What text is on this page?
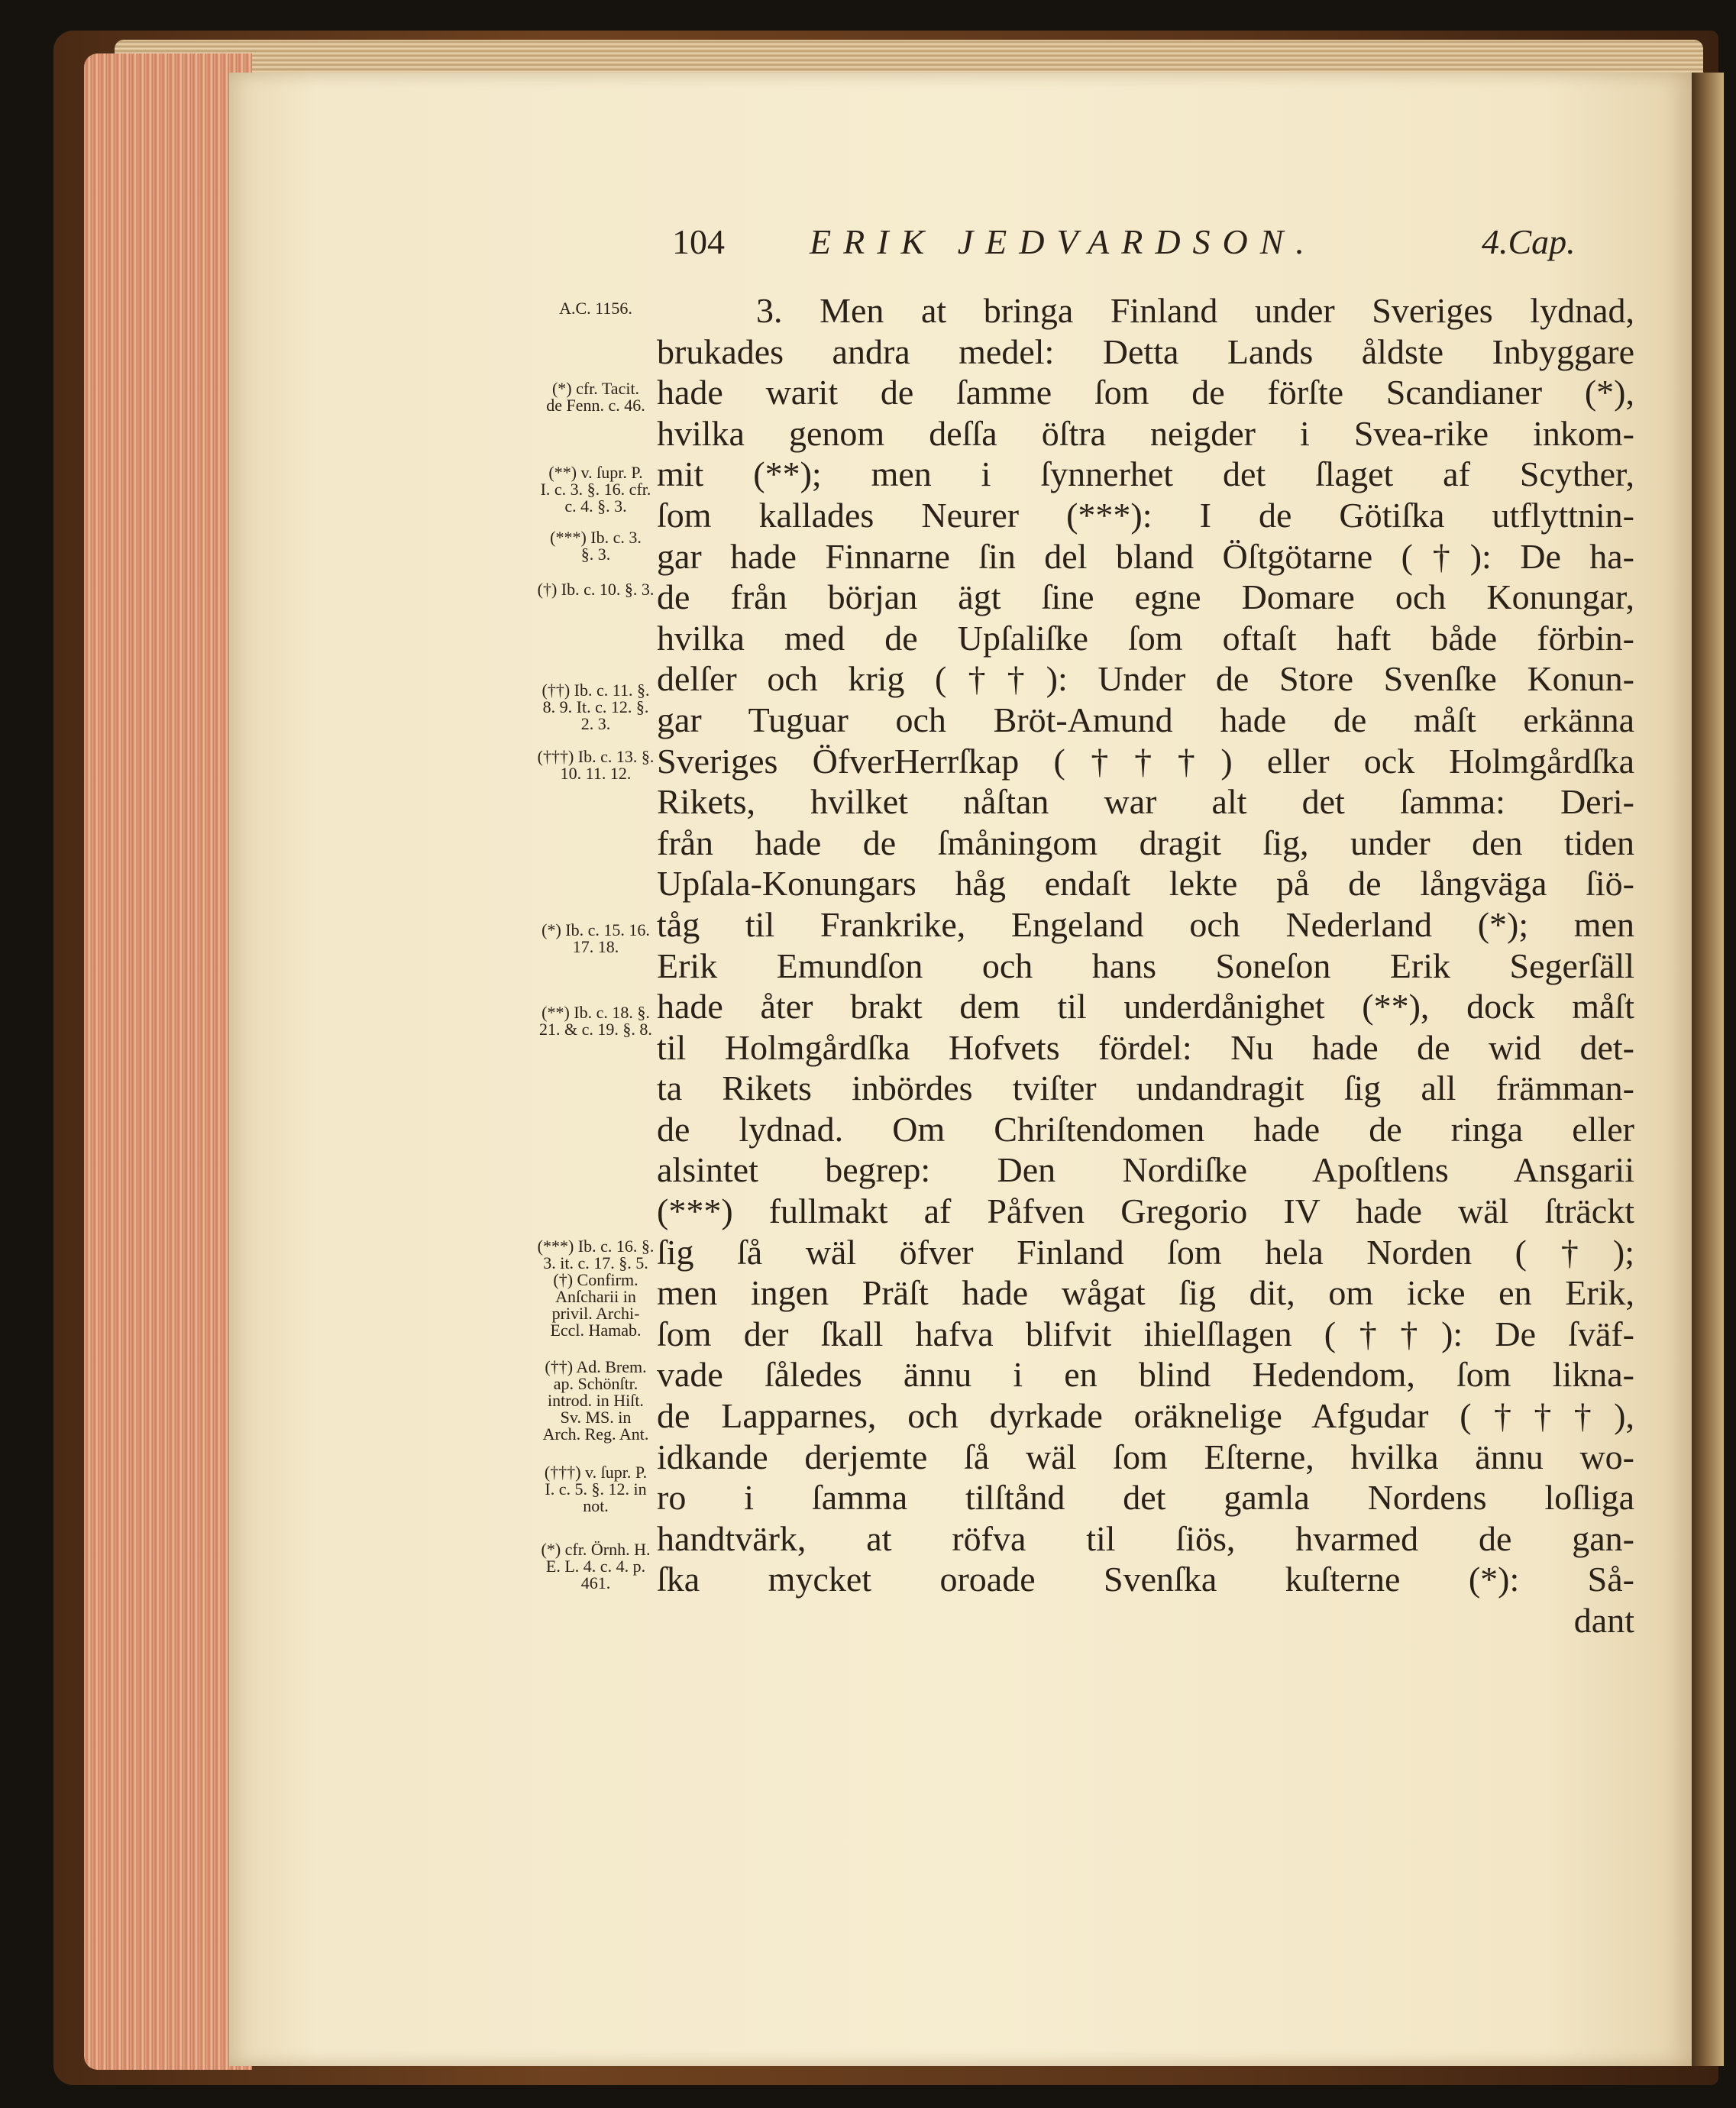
104 ERIK JEDVARDSON.	4.Cap.
3. Men at bringa Finland under Sveriges lydnad,
brukades andra medel: Detta Lands åldste Inbyggare
hade warit de ſamme ſom de förſte Scandianer (*),
hvilka genom deſſa öſtra neigder i Svea-rike inkom-
mit (**); men i ſynnerhet det ſlaget af Scyther,
ſom kallades Neurer (***): I de Götiſka utflyttnin-
gar hade Finnarne ſin del bland Öſtgötarne (†): De ha-
de från början ägt ſine egne Domare och Konungar,
hvilka med de Upſaliſke ſom oftaſt haft både förbin-
delſer och krig (††): Under de Store Svenſke Konun-
gar Tuguar och Bröt-Amund hade de måſt erkänna
Sveriges ÖfverHerrſkap (†††) eller ock Holmgårdſka
Rikets, hvilket nåſtan war alt det ſamma: Deri-
från hade de ſmåningom dragit ſig, under den tiden
Upſala-Konungars håg endaſt lekte på de långväga ſiö-
tåg til Frankrike, Engeland och Nederland (*); men
Erik Emundſon och hans Soneſon Erik Segerſäll
hade åter brakt dem til underdånighet (**), dock måſt
til Holmgårdſka Hofvets fördel: Nu hade de wid det-
ta Rikets inbördes tviſter undandragit ſig all främman-
de lydnad. Om Chriſtendomen hade de ringa eller
alsintet begrep: Den Nordiſke Apoſtlens Ansgarii
(***) fullmakt af Påfven Gregorio IV hade wäl ſträckt
ſig ſå wäl öfver Finland ſom hela Norden (†);
men ingen Präſt hade wågat ſig dit, om icke en Erik,
ſom der ſkall hafva blifvit ihielſlagen (††): De ſväf-
vade ſåledes ännu i en blind Hedendom, ſom likna-
de Lapparnes, och dyrkade oräknelige Afgudar (†††),
idkande derjemte ſå wäl ſom Eſterne, hvilka ännu wo-
ro i ſamma tilſtånd det gamla Nordens loſliga
handtvärk, at röfva til ſiös, hvarmed de gan-
ſka mycket oroade Svenſka kuſterne (*): Så-
dant
A.C. 1156.
(*) cfr. Tacit.
de Fenn. c. 46.
(**) v. ſupr. P.
I. c. 3. §. 16. cfr.
c. 4. §. 3.
(***) Ib. c. 3.
§. 3.
(†) Ib. c. 10. §. 3.
(††) Ib. c. 11. §.
8. 9. It. c. 12. §.
2. 3.
(†††) Ib. c. 13. §.
10. 11. 12.
(*) Ib. c. 15. 16.
17. 18.
(**) Ib. c. 18. §.
21. & c. 19. §. 8.
(***) Ib. c. 16. §.
3. it. c. 17. §. 5.
(†) Confirm.
Anſcharii in
privil. Archi-
Eccl. Hamab.
(††) Ad. Brem.
ap. Schönſtr.
introd. in Hiſt.
Sv. MS. in
Arch. Reg. Ant.
(†††) v. ſupr. P.
I. c. 5. §. 12. in
not.
(*) cfr. Örnh. H.
E. L. 4. c. 4. p.
461.
